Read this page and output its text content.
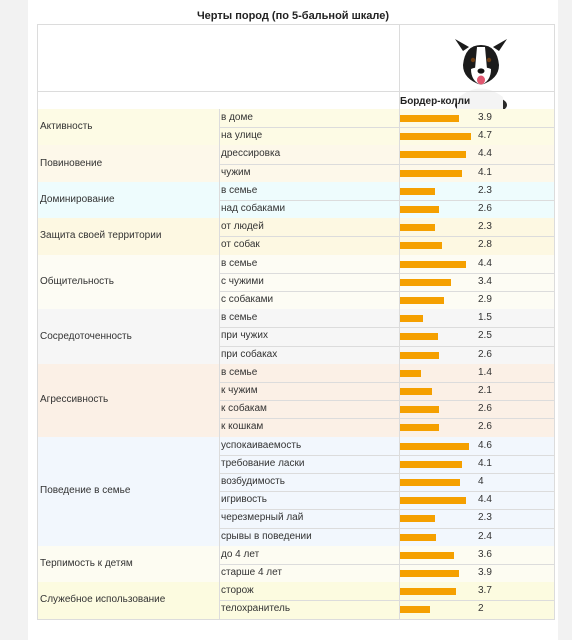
Черты пород (по 5-бальной шкале)
Бордер-колли
Активность
в доме	3.9
на улице	4.7
Повиновение
дрессировка	4.4
чужим	4.1
Доминирование
в семье	2.3
над собаками	2.6
Защита своей территории
от людей	2.3
от собак	2.8
Общительность
в семье	4.4
с чужими	3.4
с собаками	2.9
Сосредоточенность
в семье	1.5
при чужих	2.5
при собаках	2.6
Агрессивность
в семье	1.4
к чужим	2.1
к собакам	2.6
к кошкам	2.6
Поведение в семье
успокаиваемость	4.6
требование ласки	4.1
возбудимость	4
игривость	4.4
черезмерный лай	2.3
срывы в поведении	2.4
Терпимость к детям
до 4 лет	3.6
старше 4 лет	3.9
Служебное использование
сторож	3.7
телохранитель	2
